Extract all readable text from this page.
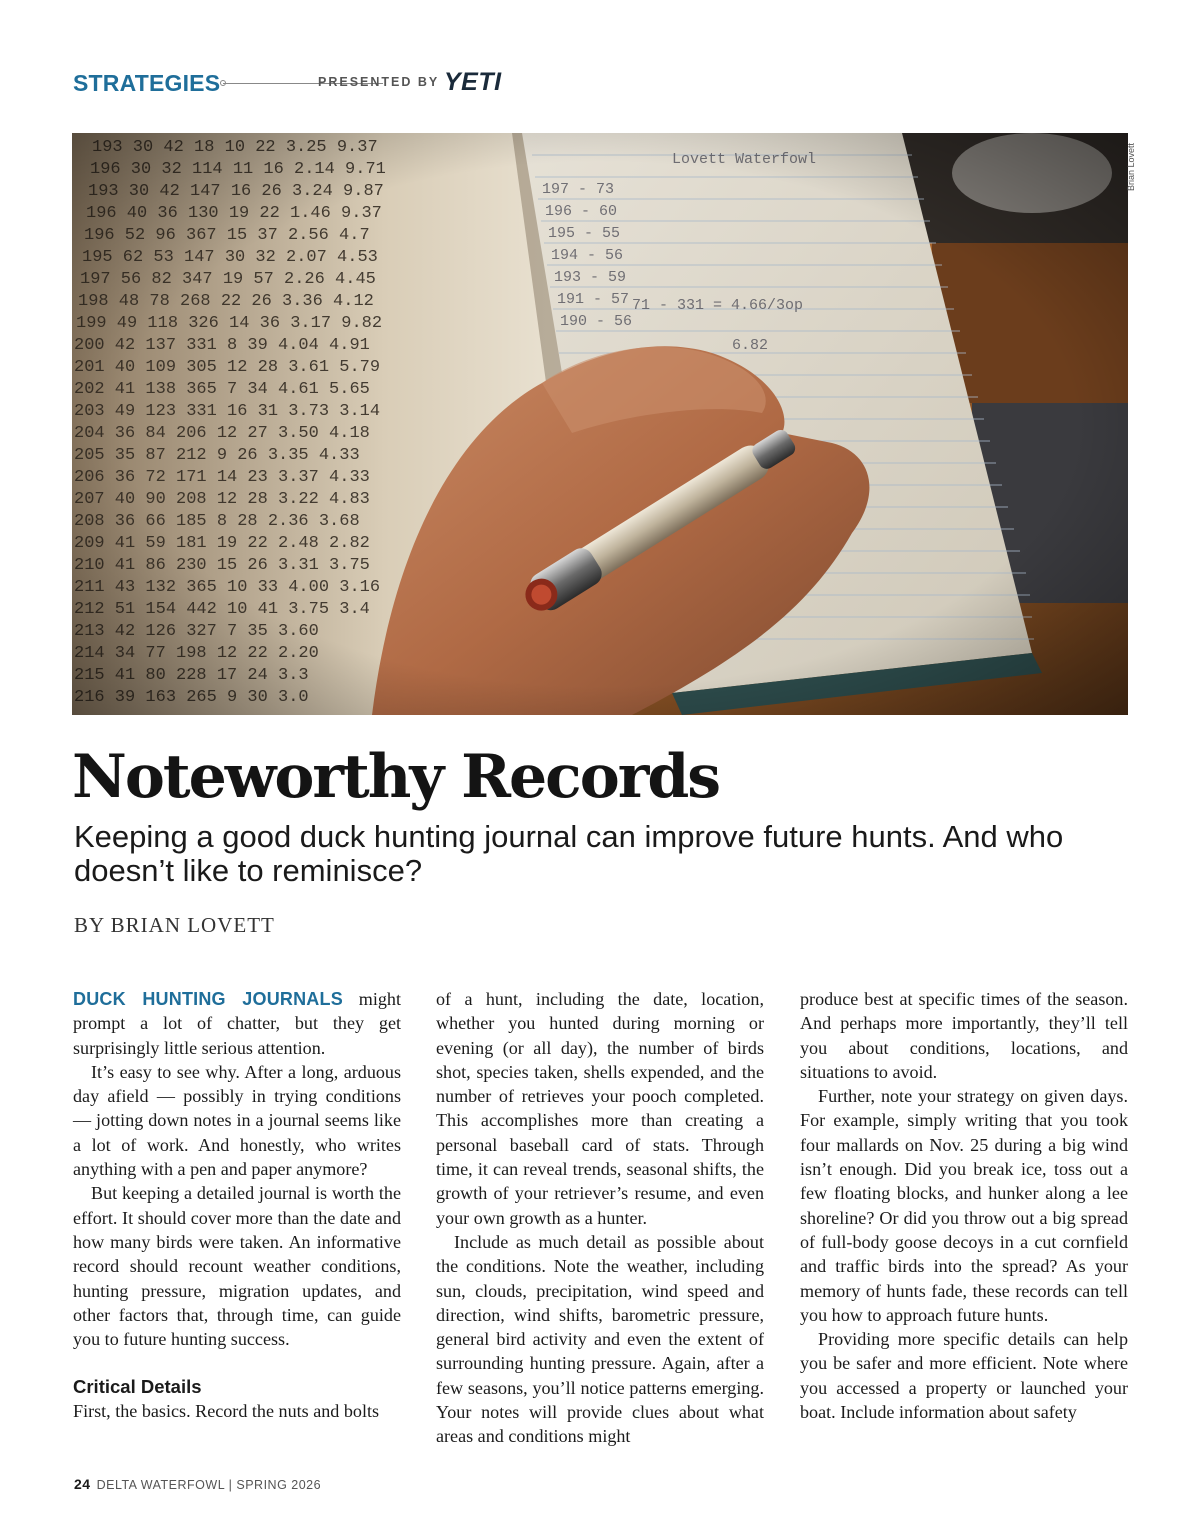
STRATEGIES	PRESENTED BY YETI
Brian Lovett
Noteworthy Records
Keeping a good duck hunting journal can improve future hunts. And who doesn’t like to reminisce?
BY BRIAN LOVETT

DUCK HUNTING JOURNALS might prompt a lot of chatter, but they get surprisingly little serious attention.

It’s easy to see why. After a long, arduous day afield — possibly in trying conditions — jotting down notes in a journal seems like a lot of work. And honestly, who writes anything with a pen and paper anymore?

But keeping a detailed journal is worth the effort. It should cover more than the date and how many birds were taken. An informative record should recount weather conditions, hunting pressure, migration updates, and other factors that, through time, can guide you to future hunting success.

Critical Details

First, the basics. Record the nuts and bolts

of a hunt, including the date, location, whether you hunted during morning or evening (or all day), the number of birds shot, species taken, shells expended, and the number of retrieves your pooch completed. This accomplishes more than creating a personal baseball card of stats. Through time, it can reveal trends, seasonal shifts, the growth of your retriever’s resume, and even your own growth as a hunter.

Include as much detail as possible about the conditions. Note the weather, including sun, clouds, precipitation, wind speed and direction, wind shifts, barometric pressure, general bird activity and even the extent of surrounding hunting pressure. Again, after a few seasons, you’ll notice patterns emerging. Your notes will provide clues about what areas and conditions might

produce best at specific times of the season. And perhaps more importantly, they’ll tell you about conditions, locations, and situations to avoid.

Further, note your strategy on given days. For example, simply writing that you took four mallards on Nov. 25 during a big wind isn’t enough. Did you break ice, toss out a few floating blocks, and hunker along a lee shoreline? Or did you throw out a big spread of full-body goose decoys in a cut cornfield and traffic birds into the spread? As your memory of hunts fade, these records can tell you how to approach future hunts.

Providing more specific details can help you be safer and more efficient. Note where you accessed a property or launched your boat. Include information about safety

24 DELTA WATERFOWL | SPRING 2026
